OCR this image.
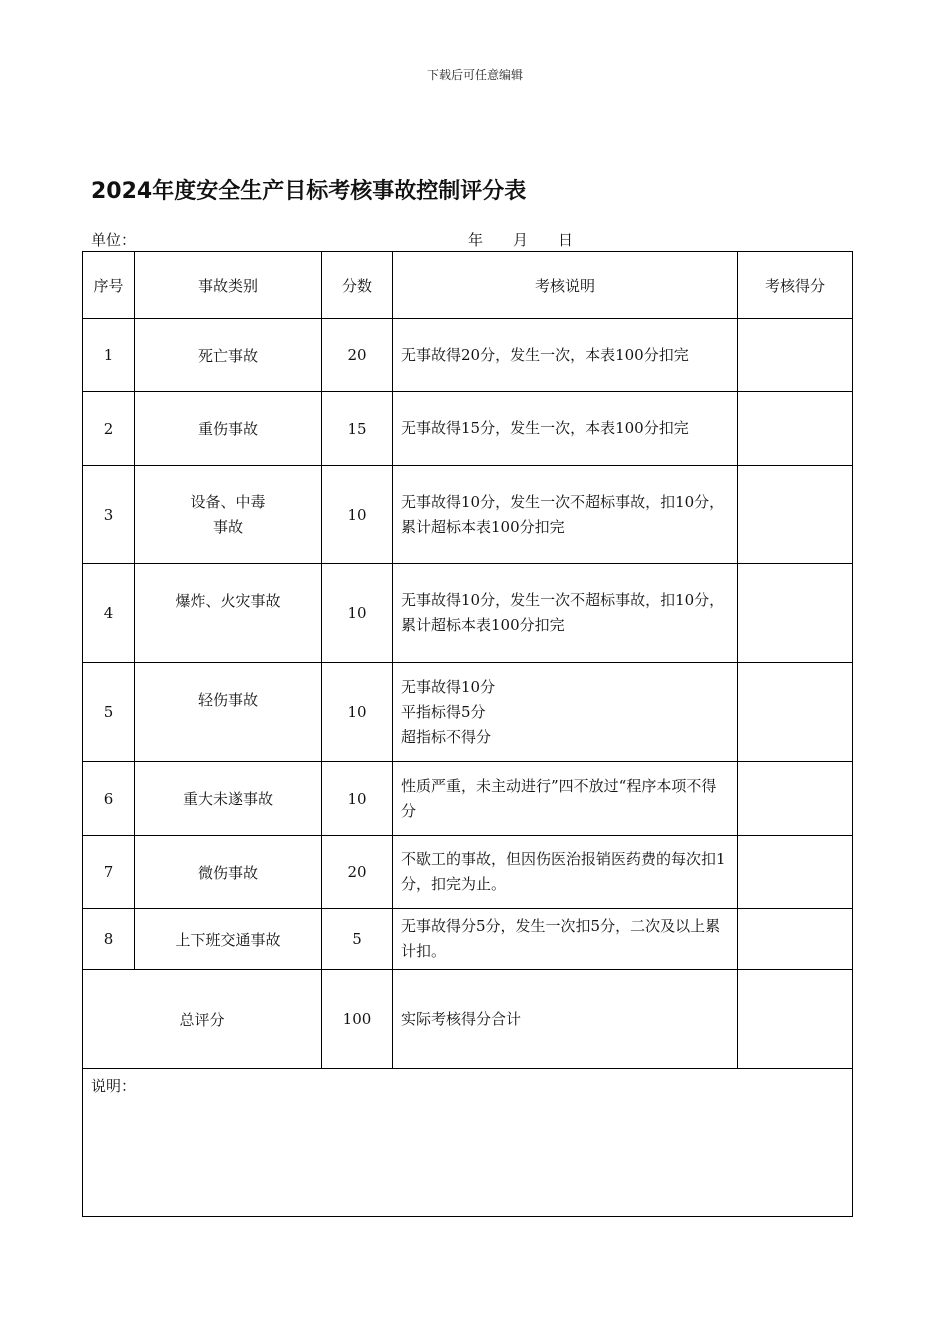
下载后可任意编辑
2024年度安全生产目标考核事故控制评分表
单位：	年　　月　　日
序号	事故类别	分数	考核说明	考核得分
1	死亡事故	20	无事故得20分，发生一次，本表100分扣完	
2	重伤事故	15	无事故得15分，发生一次，本表100分扣完	
3	设备、中毒
事故	10	无事故得10分，发生一次不超标事故，扣10分，累计超标本表100分扣完	
4	爆炸、火灾事故	10	无事故得10分，发生一次不超标事故，扣10分，累计超标本表100分扣完	
5	轻伤事故	10	无事故得10分
平指标得5分
超指标不得分	
6	重大未遂事故	10	性质严重，未主动进行”四不放过“程序本项不得分	
7	微伤事故	20	不歇工的事故，但因伤医治报销医药费的每次扣1分，扣完为止。	
8	上下班交通事故	5	无事故得分5分，发生一次扣5分，二次及以上累计扣。	
总评分		100	实际考核得分合计	
说明：				
